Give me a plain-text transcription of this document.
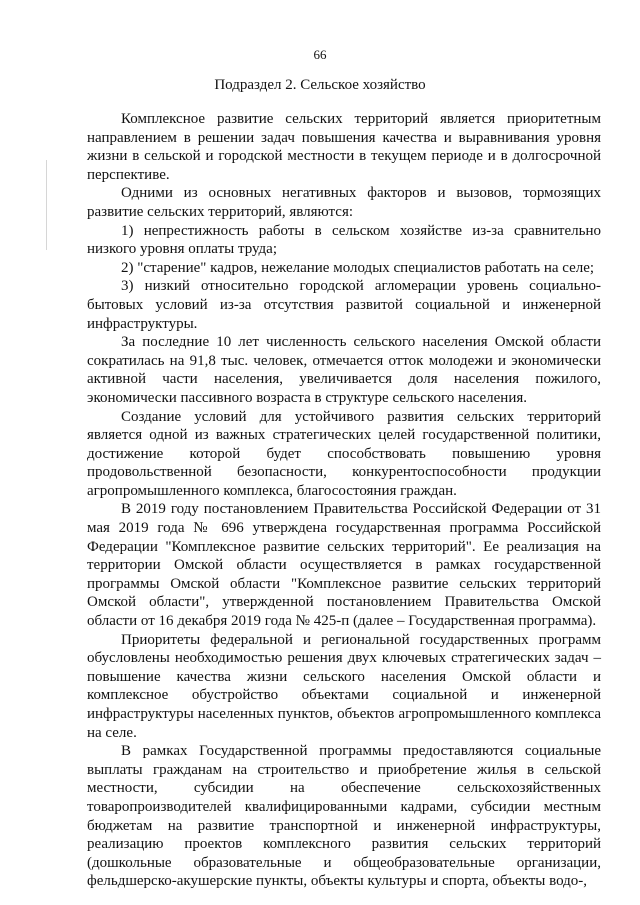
66
Подраздел 2. Сельское хозяйство

Комплексное развитие сельских территорий является приоритетным направлением в решении задач повышения качества и выравнивания уровня жизни в сельской и городской местности в текущем периоде и в долгосрочной перспективе.

Одними из основных негативных факторов и вызовов, тормозящих развитие сельских территорий, являются:

1) непрестижность работы в сельском хозяйстве из-за сравнительно низкого уровня оплаты труда;

2) "старение" кадров, нежелание молодых специалистов работать на селе;

3) низкий относительно городской агломерации уровень социально-бытовых условий из-за отсутствия развитой социальной и инженерной инфраструктуры.

За последние 10 лет численность сельского населения Омской области сократилась на 91,8 тыс. человек, отмечается отток молодежи и экономически активной части населения, увеличивается доля населения пожилого, экономически пассивного возраста в структуре сельского населения.

Создание условий для устойчивого развития сельских территорий является одной из важных стратегических целей государственной политики, достижение которой будет способствовать повышению уровня продовольственной безопасности, конкурентоспособности продукции агропромышленного комплекса, благосостояния граждан.

В 2019 году постановлением Правительства Российской Федерации от 31 мая 2019 года № 696 утверждена государственная программа Российской Федерации "Комплексное развитие сельских территорий". Ее реализация на территории Омской области осуществляется в рамках государственной программы Омской области "Комплексное развитие сельских территорий Омской области", утвержденной постановлением Правительства Омской области от 16 декабря 2019 года № 425-п (далее – Государственная программа).

Приоритеты федеральной и региональной государственных программ обусловлены необходимостью решения двух ключевых стратегических задач – повышение качества жизни сельского населения Омской области и комплексное обустройство объектами социальной и инженерной инфраструктуры населенных пунктов, объектов агропромышленного комплекса на селе.

В рамках Государственной программы предоставляются социальные выплаты гражданам на строительство и приобретение жилья в сельской местности, субсидии на обеспечение сельскохозяйственных товаропроизводителей квалифицированными кадрами, субсидии местным бюджетам на развитие транспортной и инженерной инфраструктуры, реализацию проектов комплексного развития сельских территорий (дошкольные образовательные и общеобразовательные организации, фельдшерско-акушерские пункты, объекты культуры и спорта, объекты водо-,
